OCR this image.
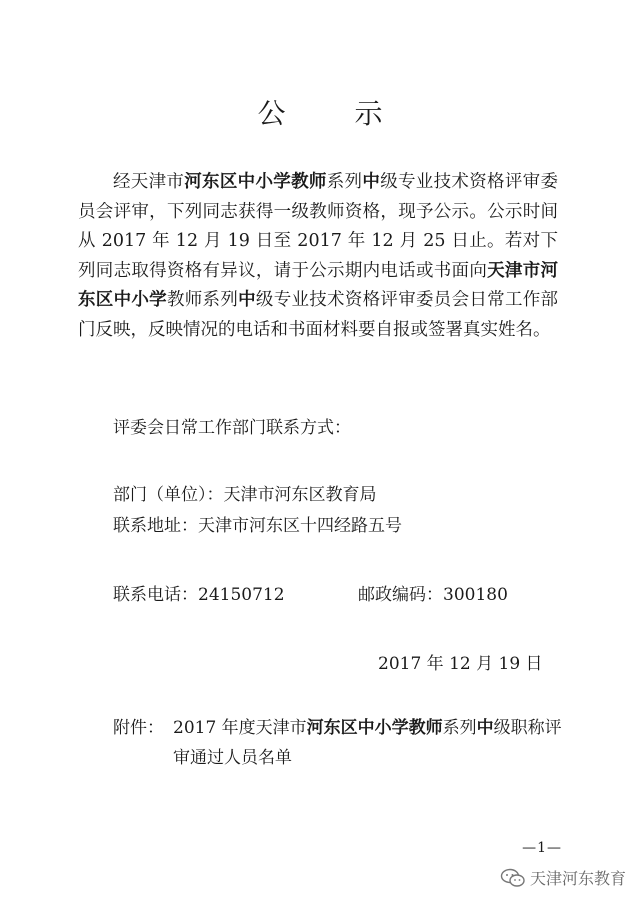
公 示

经天津市河东区中小学教师系列中级专业技术资格评审委员会评审，下列同志获得一级教师资格，现予公示。公示时间从 2017 年 12 月 19 日至 2017 年 12 月 25 日止。若对下列同志取得资格有异议，请于公示期内电话或书面向天津市河东区中小学教师系列中级专业技术资格评审委员会日常工作部门反映，反映情况的电话和书面材料要自报或签署真实姓名。

评委会日常工作部门联系方式：
部门（单位）：天津市河东区教育局
联系地址：天津市河东区十四经路五号
联系电话：24150712	邮政编码：300180
2017 年 12 月 19 日
附件： 2017 年度天津市河东区中小学教师系列中级职称评审通过人员名单
—1—
天津河东教育
